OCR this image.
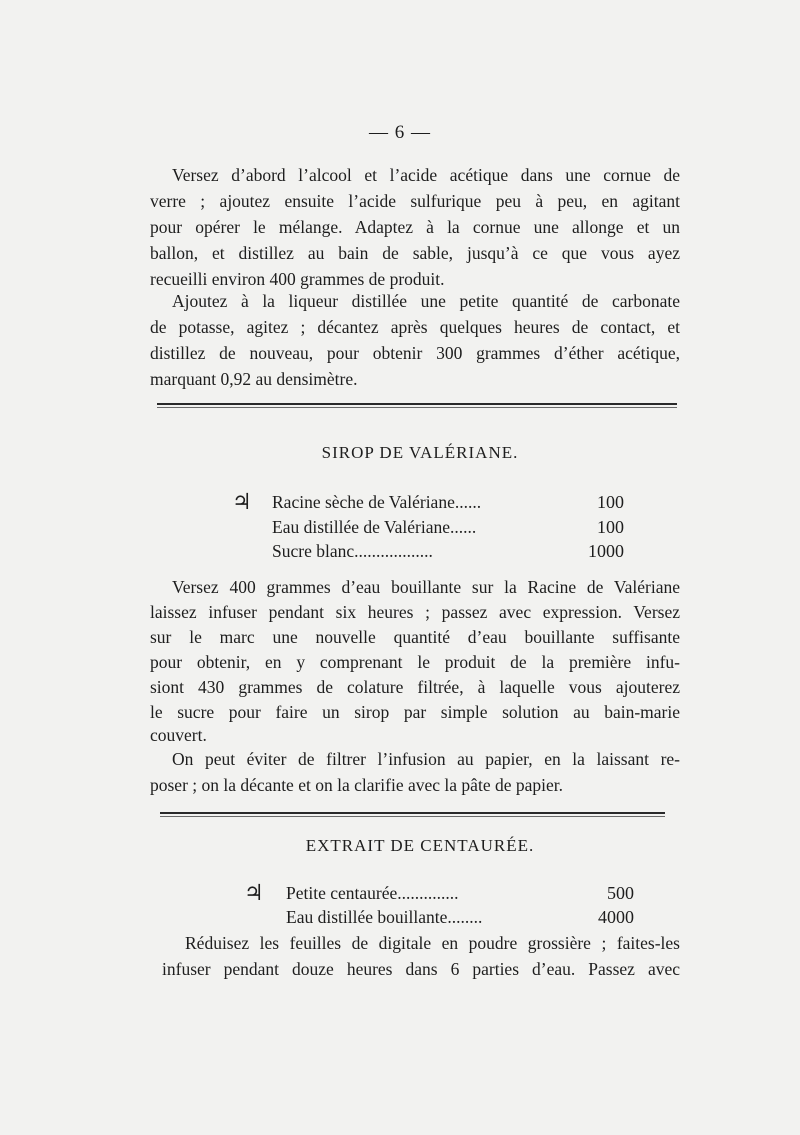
— 6 —
Versez d’abord l’alcool et l’acide acétique dans une cornue de
verre ; ajoutez ensuite l’acide sulfurique peu à peu, en agitant
pour opérer le mélange. Adaptez à la cornue une allonge et un
ballon, et distillez au bain de sable, jusqu’à ce que vous ayez
recueilli environ 400 grammes de produit.
Ajoutez à la liqueur distillée une petite quantité de carbonate
de potasse, agitez ; décantez après quelques heures de contact, et
distillez de nouveau, pour obtenir 300 grammes d’éther acétique,
marquant 0,92 au densimètre.
SIROP DE VALÉRIANE.
♃ Racine sèche de Valériane......	100
Eau distillée de Valériane......	100
Sucre blanc..................	1000
Versez 400 grammes d’eau bouillante sur la Racine de Valériane
laissez infuser pendant six heures ; passez avec expression. Versez
sur le marc une nouvelle quantité d’eau bouillante suffisante
pour obtenir, en y comprenant le produit de la première infu-
siont 430 grammes de colature filtrée, à laquelle vous ajouterez
le sucre pour faire un sirop par simple solution au bain-marie
couvert.
On peut éviter de filtrer l’infusion au papier, en la laissant re-
poser ; on la décante et on la clarifie avec la pâte de papier.
EXTRAIT DE CENTAURÉE.
♃ Petite centaurée..............	500
Eau distillée bouillante........	4000
Réduisez les feuilles de digitale en poudre grossière ; faites-les
infuser pendant douze heures dans 6 parties d’eau. Passez avec
